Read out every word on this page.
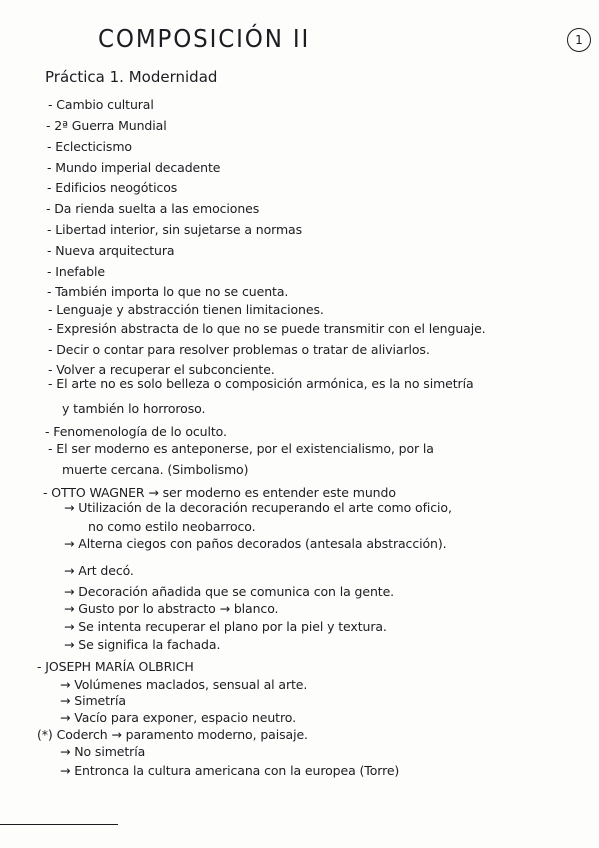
COMPOSICIÓN II	1
Práctica 1. Modernidad
- Cambio cultural
- 2ª Guerra Mundial
- Eclecticismo
- Mundo imperial decadente
- Edificios neogóticos
- Da rienda suelta a las emociones
- Libertad interior, sin sujetarse a normas
- Nueva arquitectura
- Inefable
- También importa lo que no se cuenta.
- Lenguaje y abstracción tienen limitaciones.
- Expresión abstracta de lo que no se puede transmitir con el lenguaje.
- Decir o contar para resolver problemas o tratar de aliviarlos.
- Volver a recuperar el subconciente.
- El arte no es solo belleza o composición armónica, es la no simetría
y también lo horroroso.
- Fenomenología de lo oculto.
- El ser moderno es anteponerse, por el existencialismo, por la
muerte cercana. (Simbolismo)
- OTTO WAGNER → ser moderno es entender este mundo
→ Utilización de la decoración recuperando el arte como oficio,
no como estilo neobarroco.
→ Alterna ciegos con paños decorados (antesala abstracción).
→ Art decó.
→ Decoración añadida que se comunica con la gente.
→ Gusto por lo abstracto → blanco.
→ Se intenta recuperar el plano por la piel y textura.
→ Se significa la fachada.
- JOSEPH MARÍA OLBRICH
→ Volúmenes maclados, sensual al arte.
→ Simetría
→ Vacío para exponer, espacio neutro.
(*) Coderch → paramento moderno, paisaje.
→ No simetría
→ Entronca la cultura americana con la europea (Torre)
